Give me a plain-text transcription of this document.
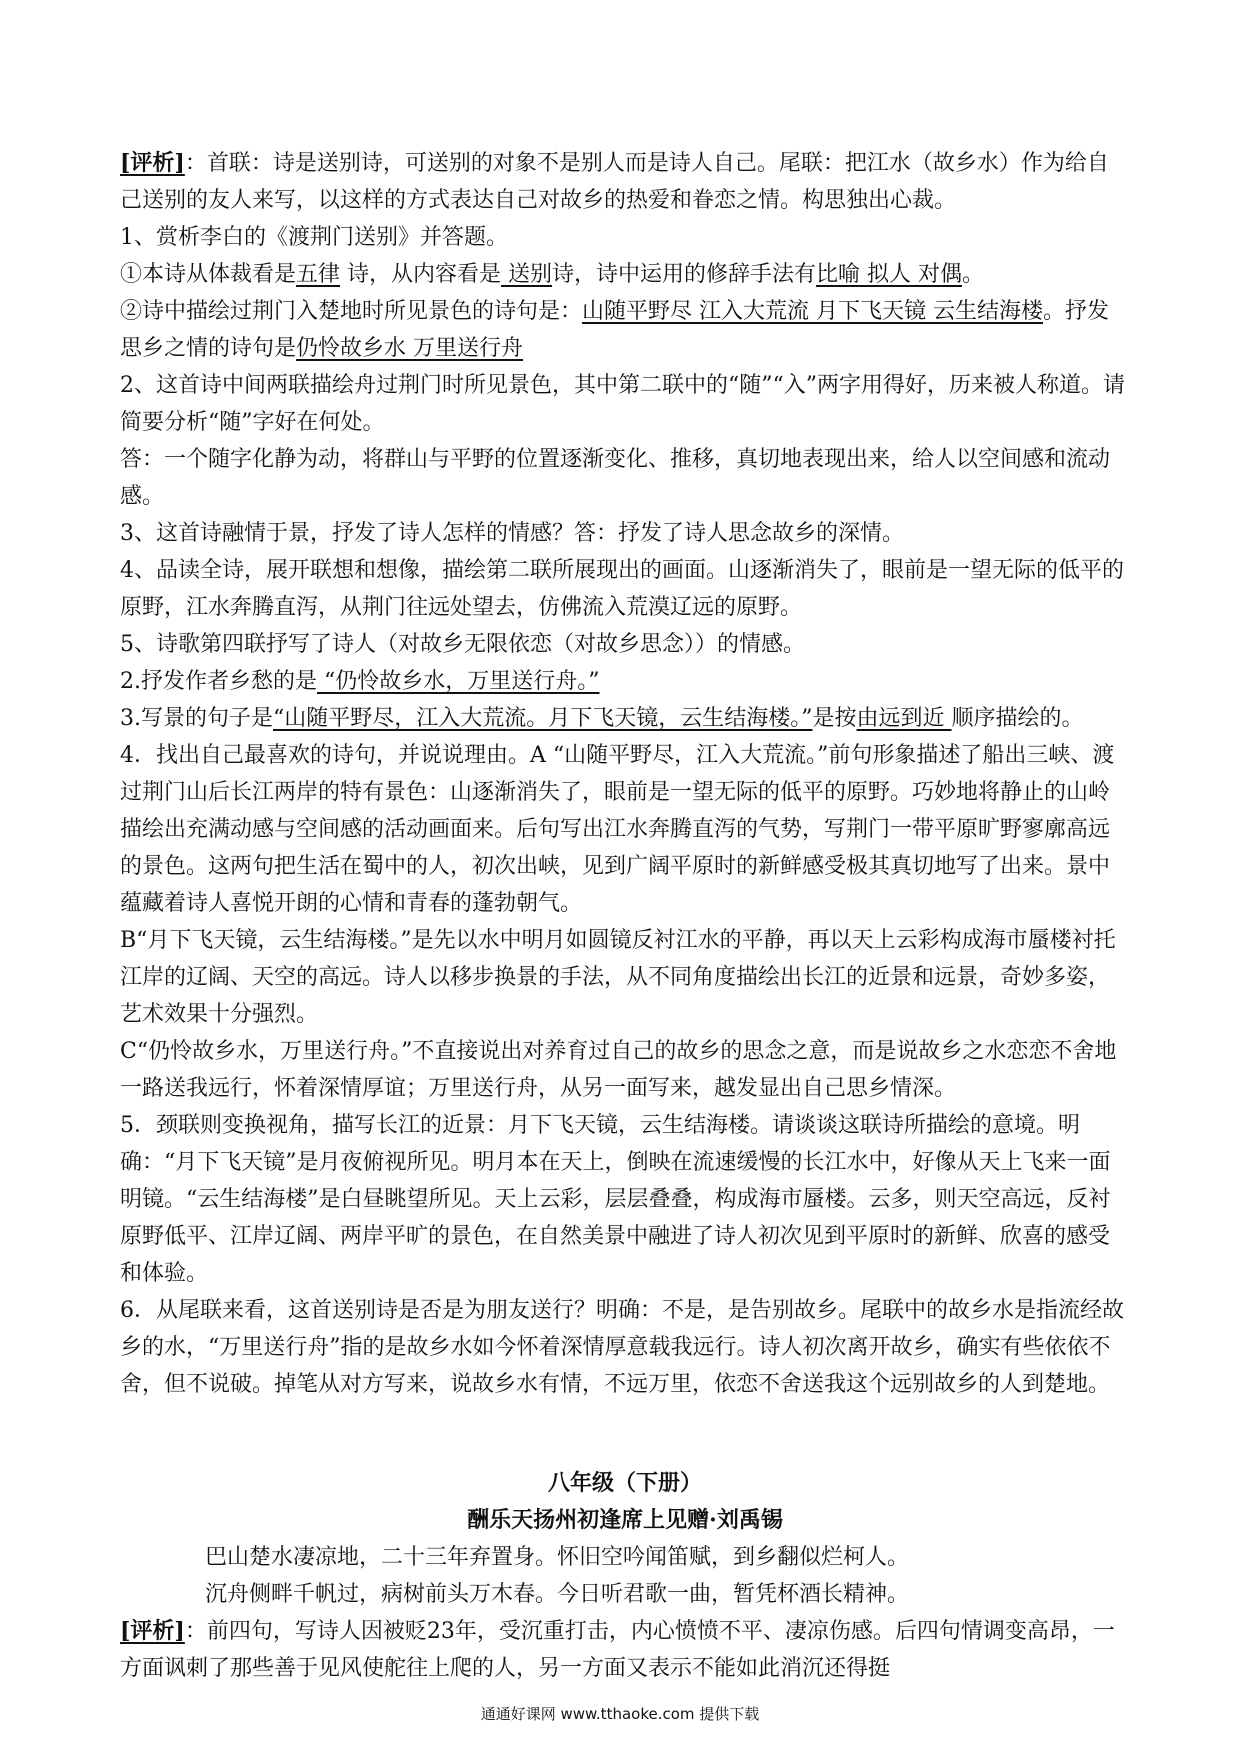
[评析]：首联：诗是送别诗，可送别的对象不是别人而是诗人自己。尾联：把江水（故乡水）作为给自己送别的友人来写，以这样的方式表达自己对故乡的热爱和眷恋之情。构思独出心裁。

1、赏析李白的《渡荆门送别》并答题。

①本诗从体裁看是五律 诗，从内容看是 送别诗，诗中运用的修辞手法有比喻 拟人 对偶。

②诗中描绘过荆门入楚地时所见景色的诗句是：山随平野尽 江入大荒流 月下飞天镜 云生结海楼。抒发思乡之情的诗句是仍怜故乡水 万里送行舟

2、这首诗中间两联描绘舟过荆门时所见景色，其中第二联中的“随”“入”两字用得好，历来被人称道。请简要分析“随”字好在何处。

答：一个随字化静为动，将群山与平野的位置逐渐变化、推移，真切地表现出来，给人以空间感和流动感。

3、这首诗融情于景，抒发了诗人怎样的情感？答：抒发了诗人思念故乡的深情。

4、品读全诗，展开联想和想像，描绘第二联所展现出的画面。山逐渐消失了，眼前是一望无际的低平的原野，江水奔腾直泻，从荆门往远处望去，仿佛流入荒漠辽远的原野。

5、诗歌第四联抒写了诗人（对故乡无限依恋（对故乡思念））的情感。

2.抒发作者乡愁的是 “仍怜故乡水，万里送行舟。”

3.写景的句子是“山随平野尽，江入大荒流。月下飞天镜，云生结海楼。”是按由远到近 顺序描绘的。

4．找出自己最喜欢的诗句，并说说理由。A “山随平野尽，江入大荒流。”前句形象描述了船出三峡、渡过荆门山后长江两岸的特有景色：山逐渐消失了，眼前是一望无际的低平的原野。巧妙地将静止的山岭描绘出充满动感与空间感的活动画面来。后句写出江水奔腾直泻的气势，写荆门一带平原旷野寥廓高远的景色。这两句把生活在蜀中的人，初次出峡，见到广阔平原时的新鲜感受极其真切地写了出来。景中蕴藏着诗人喜悦开朗的心情和青春的蓬勃朝气。

B“月下飞天镜，云生结海楼。”是先以水中明月如圆镜反衬江水的平静，再以天上云彩构成海市蜃楼衬托江岸的辽阔、天空的高远。诗人以移步换景的手法，从不同角度描绘出长江的近景和远景，奇妙多姿，艺术效果十分强烈。

C“仍怜故乡水，万里送行舟。”不直接说出对养育过自己的故乡的思念之意，而是说故乡之水恋恋不舍地一路送我远行，怀着深情厚谊；万里送行舟，从另一面写来，越发显出自己思乡情深。

5．颈联则变换视角，描写长江的近景：月下飞天镜，云生结海楼。请谈谈这联诗所描绘的意境。明确：“月下飞天镜”是月夜俯视所见。明月本在天上，倒映在流速缓慢的长江水中，好像从天上飞来一面明镜。“云生结海楼”是白昼眺望所见。天上云彩，层层叠叠，构成海市蜃楼。云多，则天空高远，反衬原野低平、江岸辽阔、两岸平旷的景色，在自然美景中融进了诗人初次见到平原时的新鲜、欣喜的感受和体验。

6．从尾联来看，这首送别诗是否是为朋友送行？明确：不是，是告别故乡。尾联中的故乡水是指流经故乡的水，“万里送行舟”指的是故乡水如今怀着深情厚意载我远行。诗人初次离开故乡，确实有些依依不舍，但不说破。掉笔从对方写来，说故乡水有情，不远万里，依恋不舍送我这个远别故乡的人到楚地。

八年级（下册）

酬乐天扬州初逢席上见赠·刘禹锡

巴山楚水凄凉地，二十三年弃置身。怀旧空吟闻笛赋，到乡翻似烂柯人。

沉舟侧畔千帆过，病树前头万木春。今日听君歌一曲，暂凭杯酒长精神。

[评析]：前四句，写诗人因被贬23年，受沉重打击，内心愤愤不平、凄凉伤感。后四句情调变高昂，一方面讽刺了那些善于见风使舵往上爬的人，另一方面又表示不能如此消沉还得挺

通通好课网 www.tthaoke.com 提供下载
